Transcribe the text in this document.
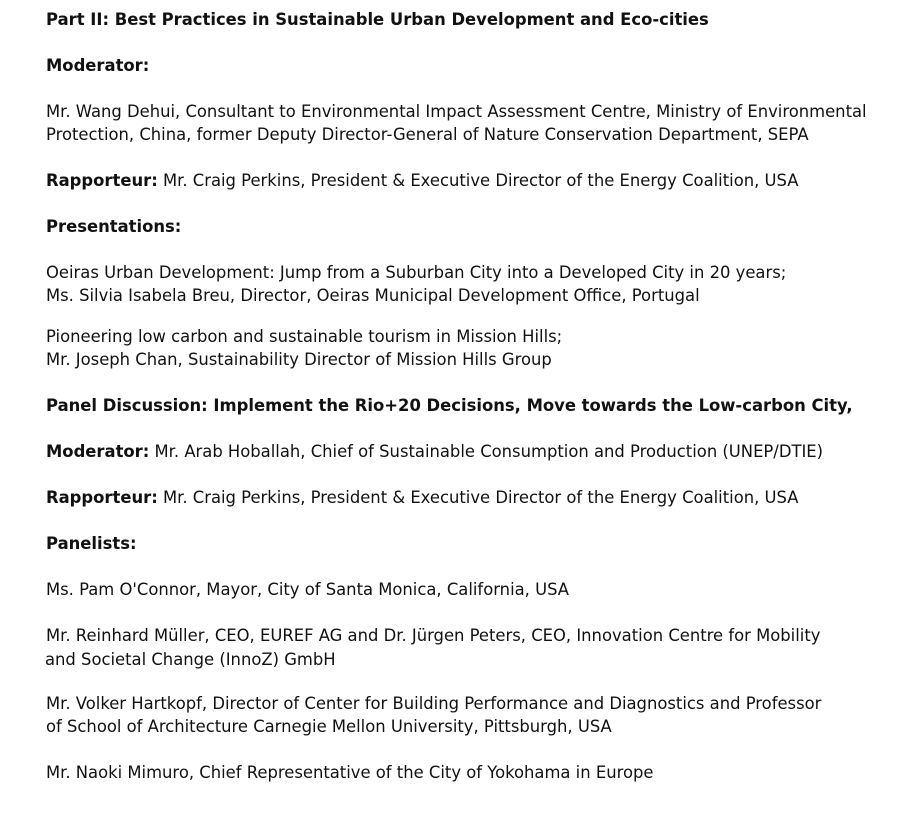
Part II: Best Practices in Sustainable Urban Development and Eco-cities

Moderator:

Mr. Wang Dehui, Consultant to Environmental Impact Assessment Centre, Ministry of Environmental

Protection, China, former Deputy Director-General of Nature Conservation Department, SEPA

Rapporteur: Mr. Craig Perkins, President & Executive Director of the Energy Coalition, USA

Presentations:

Oeiras Urban Development: Jump from a Suburban City into a Developed City in 20 years;

Ms. Silvia Isabela Breu, Director, Oeiras Municipal Development Office, Portugal

Pioneering low carbon and sustainable tourism in Mission Hills;

Mr. Joseph Chan, Sustainability Director of Mission Hills Group

Panel Discussion: Implement the Rio+20 Decisions, Move towards the Low-carbon City,

Moderator: Mr. Arab Hoballah, Chief of Sustainable Consumption and Production (UNEP/DTIE)

Rapporteur: Mr. Craig Perkins, President & Executive Director of the Energy Coalition, USA

Panelists:

Ms. Pam O'Connor, Mayor, City of Santa Monica, California, USA

Mr. Reinhard Müller, CEO, EUREF AG and Dr. Jürgen Peters, CEO, Innovation Centre for Mobility

and Societal Change (InnoZ) GmbH

Mr. Volker Hartkopf, Director of Center for Building Performance and Diagnostics and Professor

of School of Architecture Carnegie Mellon University, Pittsburgh, USA

Mr. Naoki Mimuro, Chief Representative of the City of Yokohama in Europe
